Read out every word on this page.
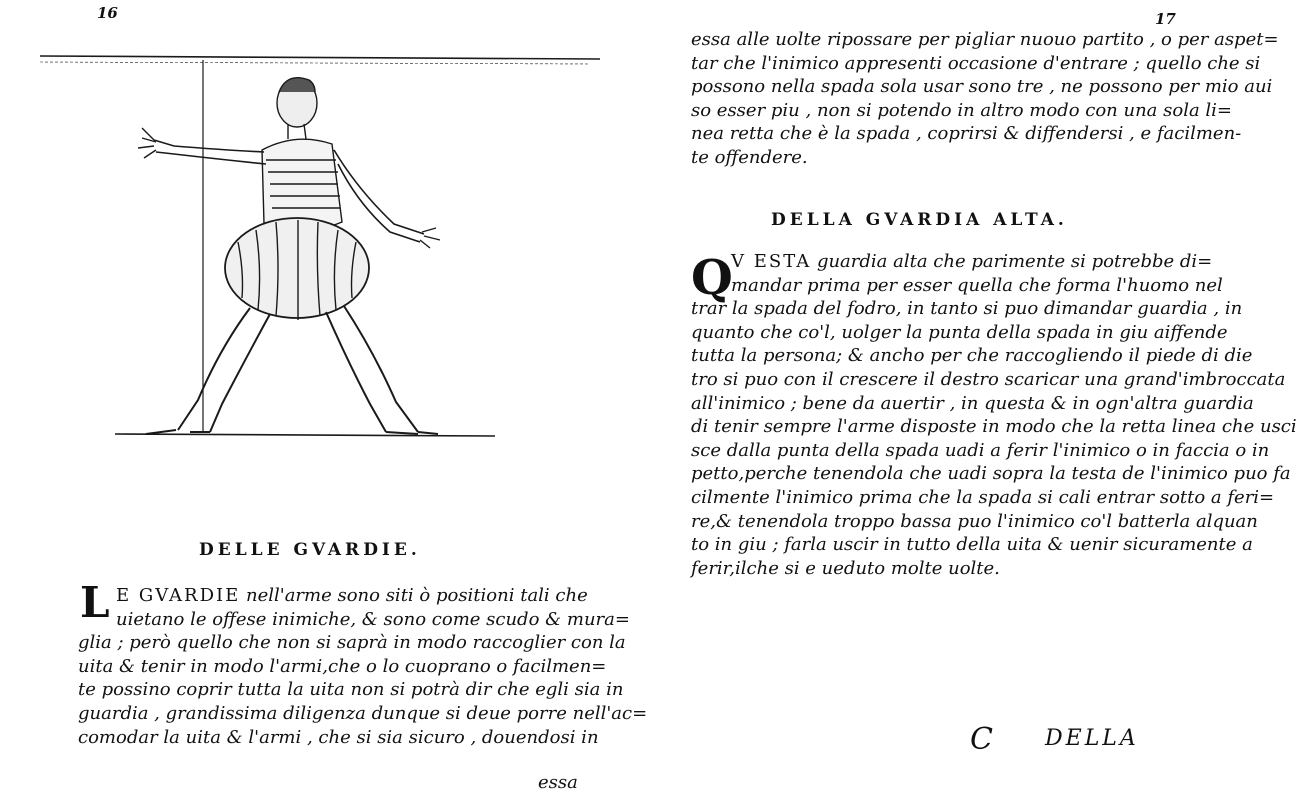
16
DELLE GVARDIE.
L E GVARDIE nell'arme sono siti ò positioni tali che
uietano le offese inimiche, & sono come scudo & mura=
glia ; però quello che non si saprà in modo raccoglier con la
uita & tenir in modo l'armi,che o lo cuoprano o facilmen=
te possino coprir tutta la uita non si potrà dir che egli sia in
guardia , grandissima diligenza dunque si deue porre nell'ac=
comodar la uita & l'armi , che si sia sicuro , douendosi in
essa
17
essa alle uolte ripossare per pigliar nuouo partito , o per aspet=
tar che l'inimico appresenti occasione d'entrare ; quello che si
possono nella spada sola usar sono tre , ne possono per mio aui
so esser piu , non si potendo in altro modo con una sola li=
nea retta che è la spada , coprirsi & diffendersi , e facilmen-
te offendere.
DELLA GVARDIA ALTA.
Q
V ESTA guardia alta che parimente si potrebbe di=
mandar prima per esser quella che forma l'huomo nel
trar la spada del fodro, in tanto si puo dimandar guardia , in
quanto che co'l, uolger la punta della spada in giu aiffende
tutta la persona; & ancho per che raccogliendo il piede di die
tro si puo con il crescere il destro scaricar una grand'imbroccata
all'inimico ; bene da auertir , in questa & in ogn'altra guardia
di tenir sempre l'arme disposte in modo che la retta linea che usci
sce dalla punta della spada uadi a ferir l'inimico o in faccia o in
petto,perche tenendola che uadi sopra la testa de l'inimico puo fa
cilmente l'inimico prima che la spada si cali entrar sotto a feri=
re,& tenendola troppo bassa puo l'inimico co'l batterla alquan
to in giu ; farla uscir in tutto della uita & uenir sicuramente a
ferir,ilche si e ueduto molte uolte.
C DELLA
